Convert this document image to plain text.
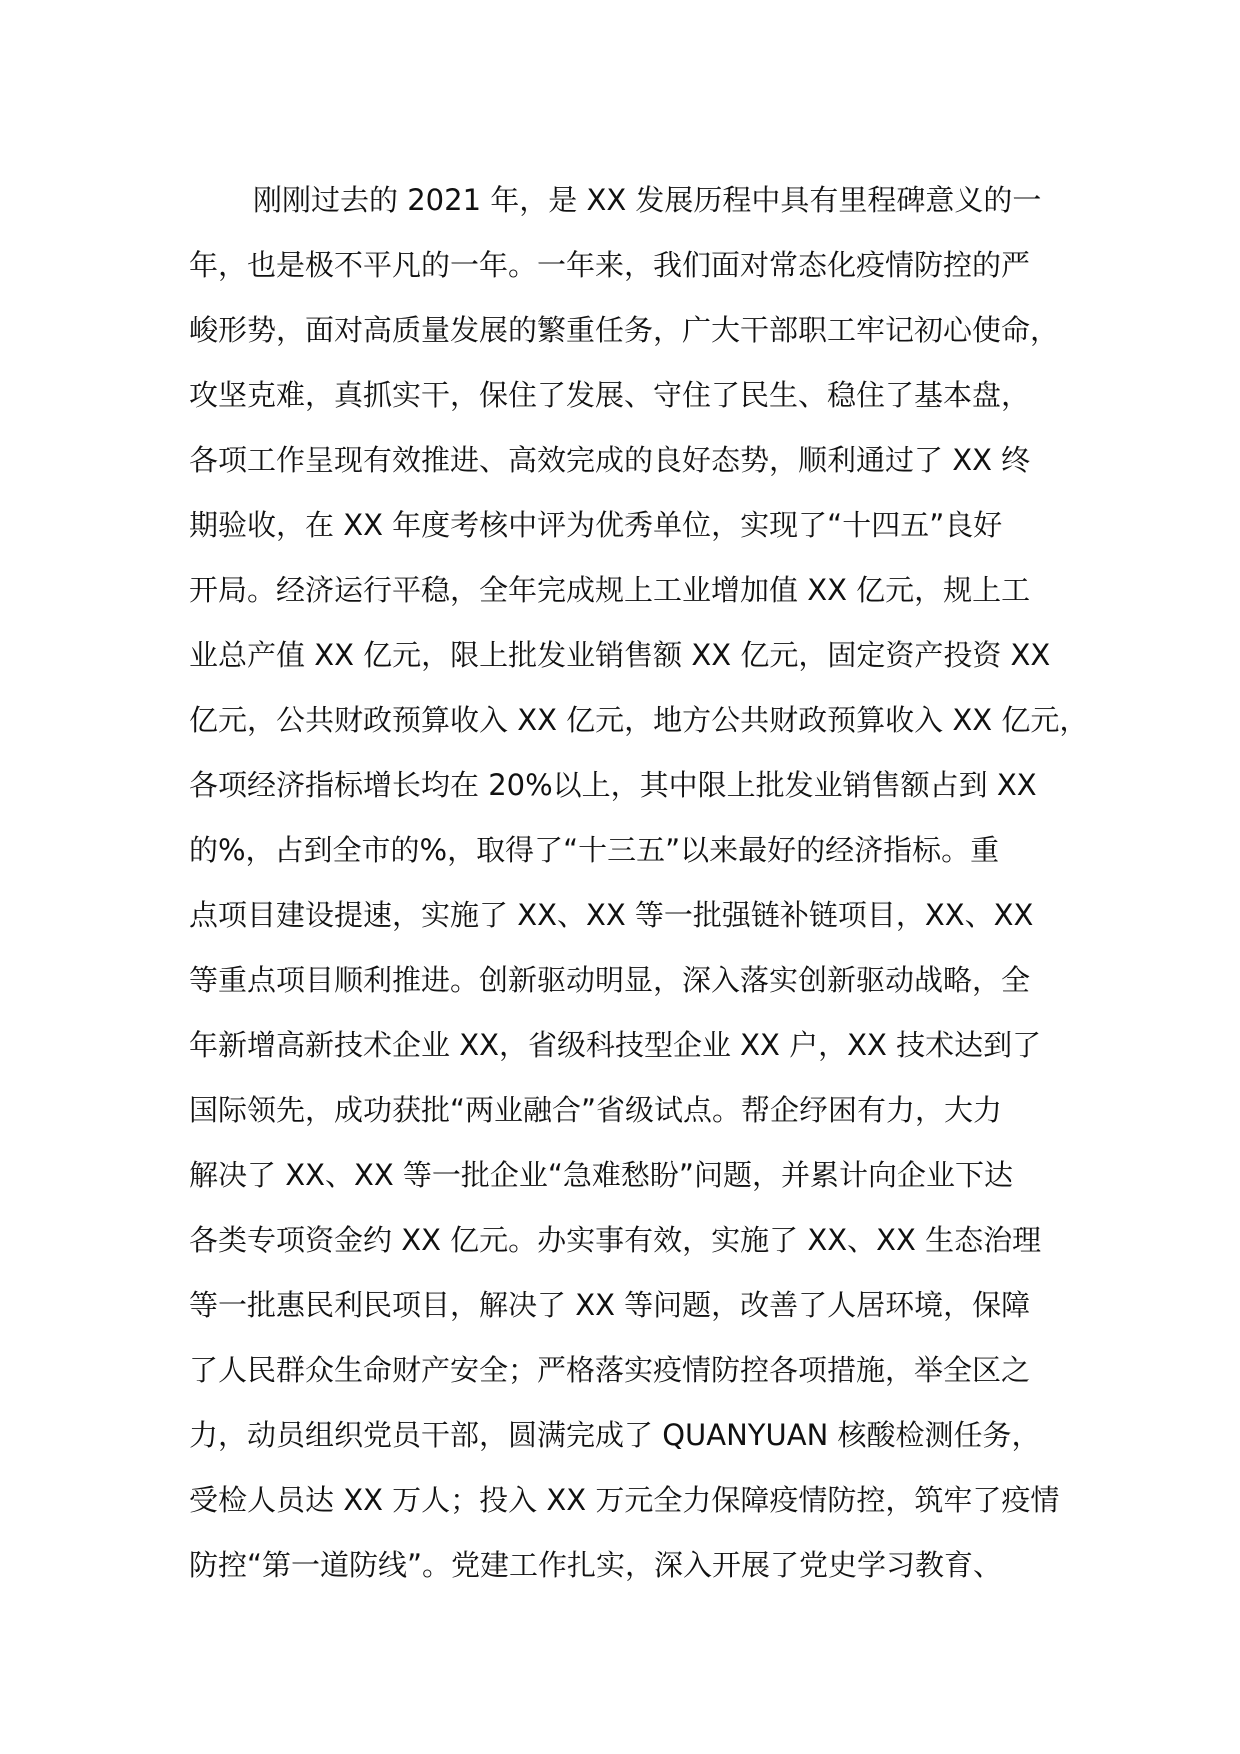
刚刚过去的 2021 年，是 XX 发展历程中具有里程碑意义的一
年，也是极不平凡的一年。一年来，我们面对常态化疫情防控的严
峻形势，面对高质量发展的繁重任务，广大干部职工牢记初心使命，
攻坚克难，真抓实干，保住了发展、守住了民生、稳住了基本盘，
各项工作呈现有效推进、高效完成的良好态势，顺利通过了 XX 终
期验收，在 XX 年度考核中评为优秀单位，实现了“十四五”良好
开局。经济运行平稳，全年完成规上工业增加值 XX 亿元，规上工
业总产值 XX 亿元，限上批发业销售额 XX 亿元，固定资产投资 XX
亿元，公共财政预算收入 XX 亿元，地方公共财政预算收入 XX 亿元，
各项经济指标增长均在 20%以上，其中限上批发业销售额占到 XX
的%，占到全市的%，取得了“十三五”以来最好的经济指标。重
点项目建设提速，实施了 XX、XX 等一批强链补链项目，XX、XX
等重点项目顺利推进。创新驱动明显，深入落实创新驱动战略，全
年新增高新技术企业 XX，省级科技型企业 XX 户，XX 技术达到了
国际领先，成功获批“两业融合”省级试点。帮企纾困有力，大力
解决了 XX、XX 等一批企业“急难愁盼”问题，并累计向企业下达
各类专项资金约 XX 亿元。办实事有效，实施了 XX、XX 生态治理
等一批惠民利民项目，解决了 XX 等问题，改善了人居环境，保障
了人民群众生命财产安全；严格落实疫情防控各项措施，举全区之
力，动员组织党员干部，圆满完成了 QUANYUAN 核酸检测任务，
受检人员达 XX 万人；投入 XX 万元全力保障疫情防控，筑牢了疫情
防控“第一道防线”。党建工作扎实，深入开展了党史学习教育、
